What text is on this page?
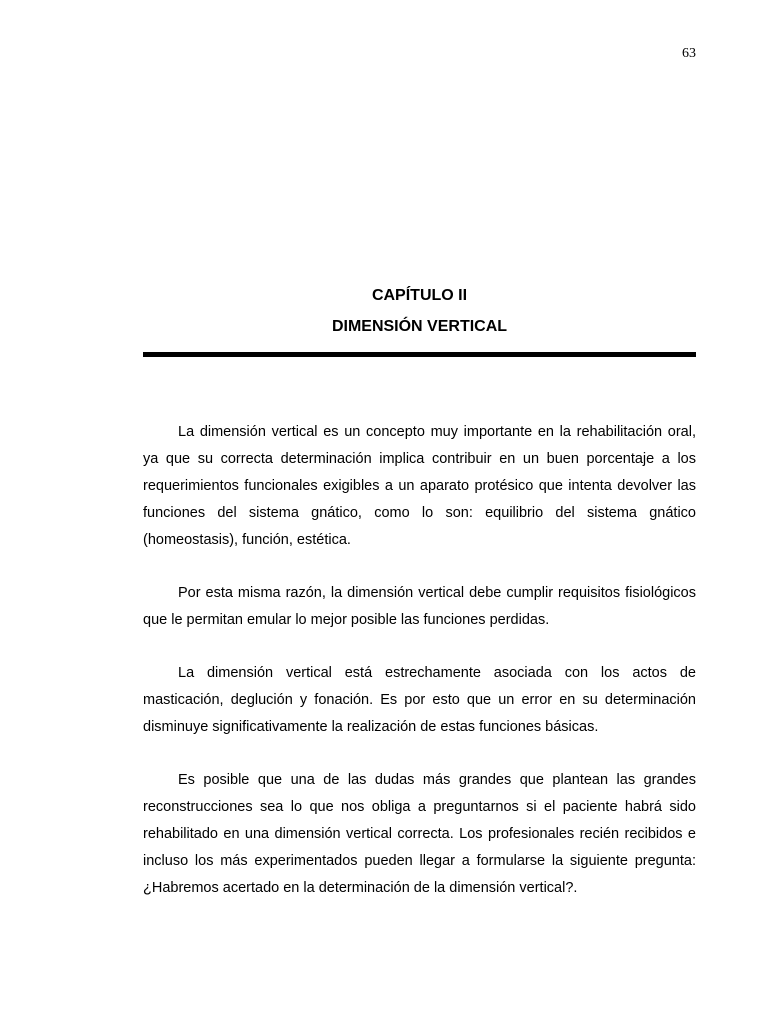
63
CAPÍTULO II
DIMENSIÓN VERTICAL

La dimensión vertical es un concepto muy importante en la rehabilitación oral, ya que su correcta determinación implica contribuir en un buen porcentaje a los requerimientos funcionales exigibles a un aparato protésico que intenta devolver las funciones del sistema gnático, como lo son: equilibrio del sistema gnático (homeostasis), función, estética.

Por esta misma razón, la dimensión vertical debe cumplir requisitos fisiológicos que le permitan emular lo mejor posible las funciones perdidas.

La dimensión vertical está estrechamente asociada con los actos de masticación, deglución y fonación. Es por esto que un error en su determinación disminuye significativamente la realización de estas funciones básicas.

Es posible que una de las dudas más grandes que plantean las grandes reconstrucciones sea lo que nos obliga a preguntarnos si el paciente habrá sido rehabilitado en una dimensión vertical correcta. Los profesionales recién recibidos e incluso los más experimentados pueden llegar a formularse la siguiente pregunta: ¿Habremos acertado en la determinación de la dimensión vertical?.
